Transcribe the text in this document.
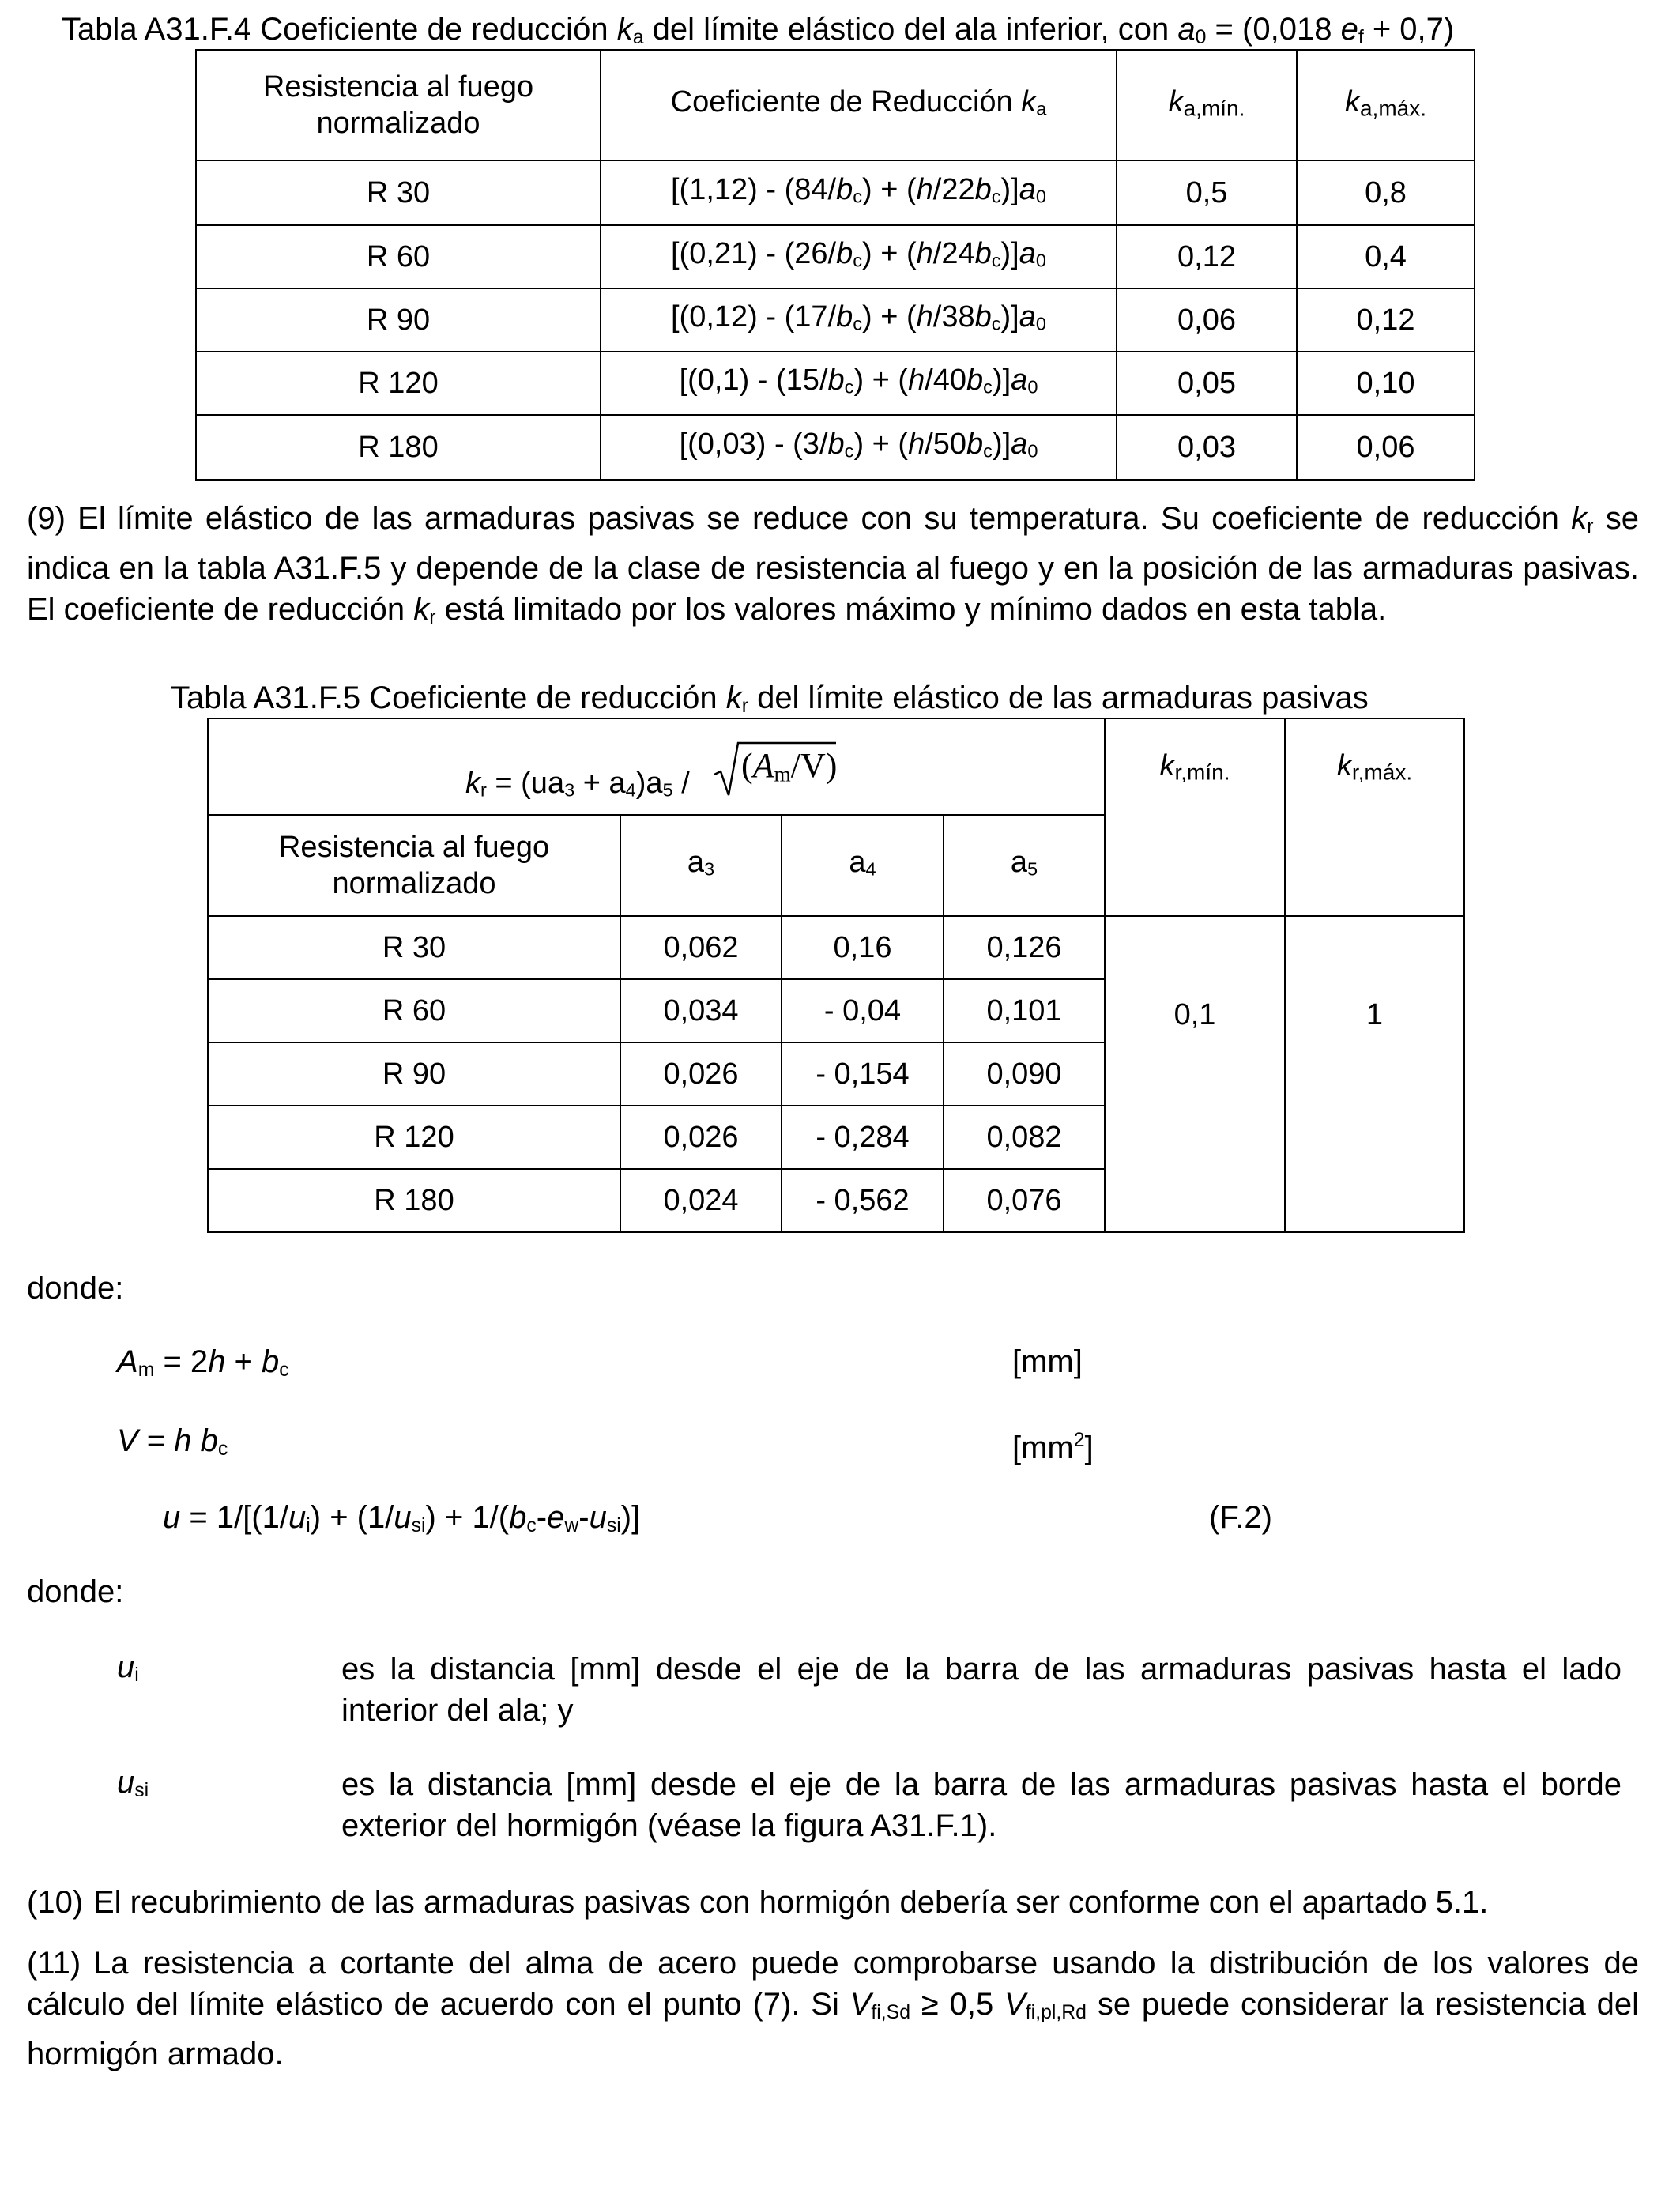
Tabla A31.F.4 Coeficiente de reducción ka del límite elástico del ala inferior, con a0 = (0,018 ef + 0,7)
Resistencia al fuego normalizado	Coeficiente de Reducción $k_a$	ka,mín.	ka,máx.
R 30	$[(1,12) - (84/b_c) + (h/22b_c)]a_0$	0,5	0,8
R 60	$[(0,21) - (26/b_c) + (h/24b_c)]a_0$	0,12	0,4
R 90	$[(0,12) - (17/b_c) + (h/38b_c)]a_0$	0,06	0,12
R 120	$[(0,1) - (15/b_c) + (h/40b_c)]a_0$	0,05	0,10
R 180	$[(0,03) - (3/b_c) + (h/50b_c)]a_0$	0,03	0,06
(9) El límite elástico de las armaduras pasivas se reduce con su temperatura. Su coeficiente de reducción kr se indica en la tabla A31.F.5 y depende de la clase de resistencia al fuego y en la posición de las armaduras pasivas. El coeficiente de reducción kr está limitado por los valores máximo y mínimo dados en esta tabla.
Tabla A31.F.5 Coeficiente de reducción kr del límite elástico de las armaduras pasivas
$k_r = (ua_3 + a_4)a_5 / (A_m/V)$				kr,mín.	kr,máx.

Resistencia al fuego normalizado	$a_3$	$a_4$	$a_5$
R 30	0,062	0,16	0,126	0,1	1
R 60	0,034	- 0,04	0,101		
R 90	0,026	- 0,154	0,090		
R 120	0,026	- 0,284	0,082		
R 180	0,024	- 0,562	0,076		
donde:
Am = 2h + bc	[mm]
V = h bc	$[mm^2]$
u = 1/[(1/ui) + (1/usi) + 1/(bc-ew-usi)]	(F.2)
donde:
ui	es la distancia [mm] desde el eje de la barra de las armaduras pasivas hasta el lado interior del ala; y
usi	es la distancia [mm] desde el eje de la barra de las armaduras pasivas hasta el borde exterior del hormigón (véase la figura A31.F.1).
(10) El recubrimiento de las armaduras pasivas con hormigón debería ser conforme con el apartado 5.1.
(11) La resistencia a cortante del alma de acero puede comprobarse usando la distribución de los valores de cálculo del límite elástico de acuerdo con el punto (7). Si Vfi,Sd ≥ 0,5 Vfi,pl,Rd se puede considerar la resistencia del hormigón armado.
